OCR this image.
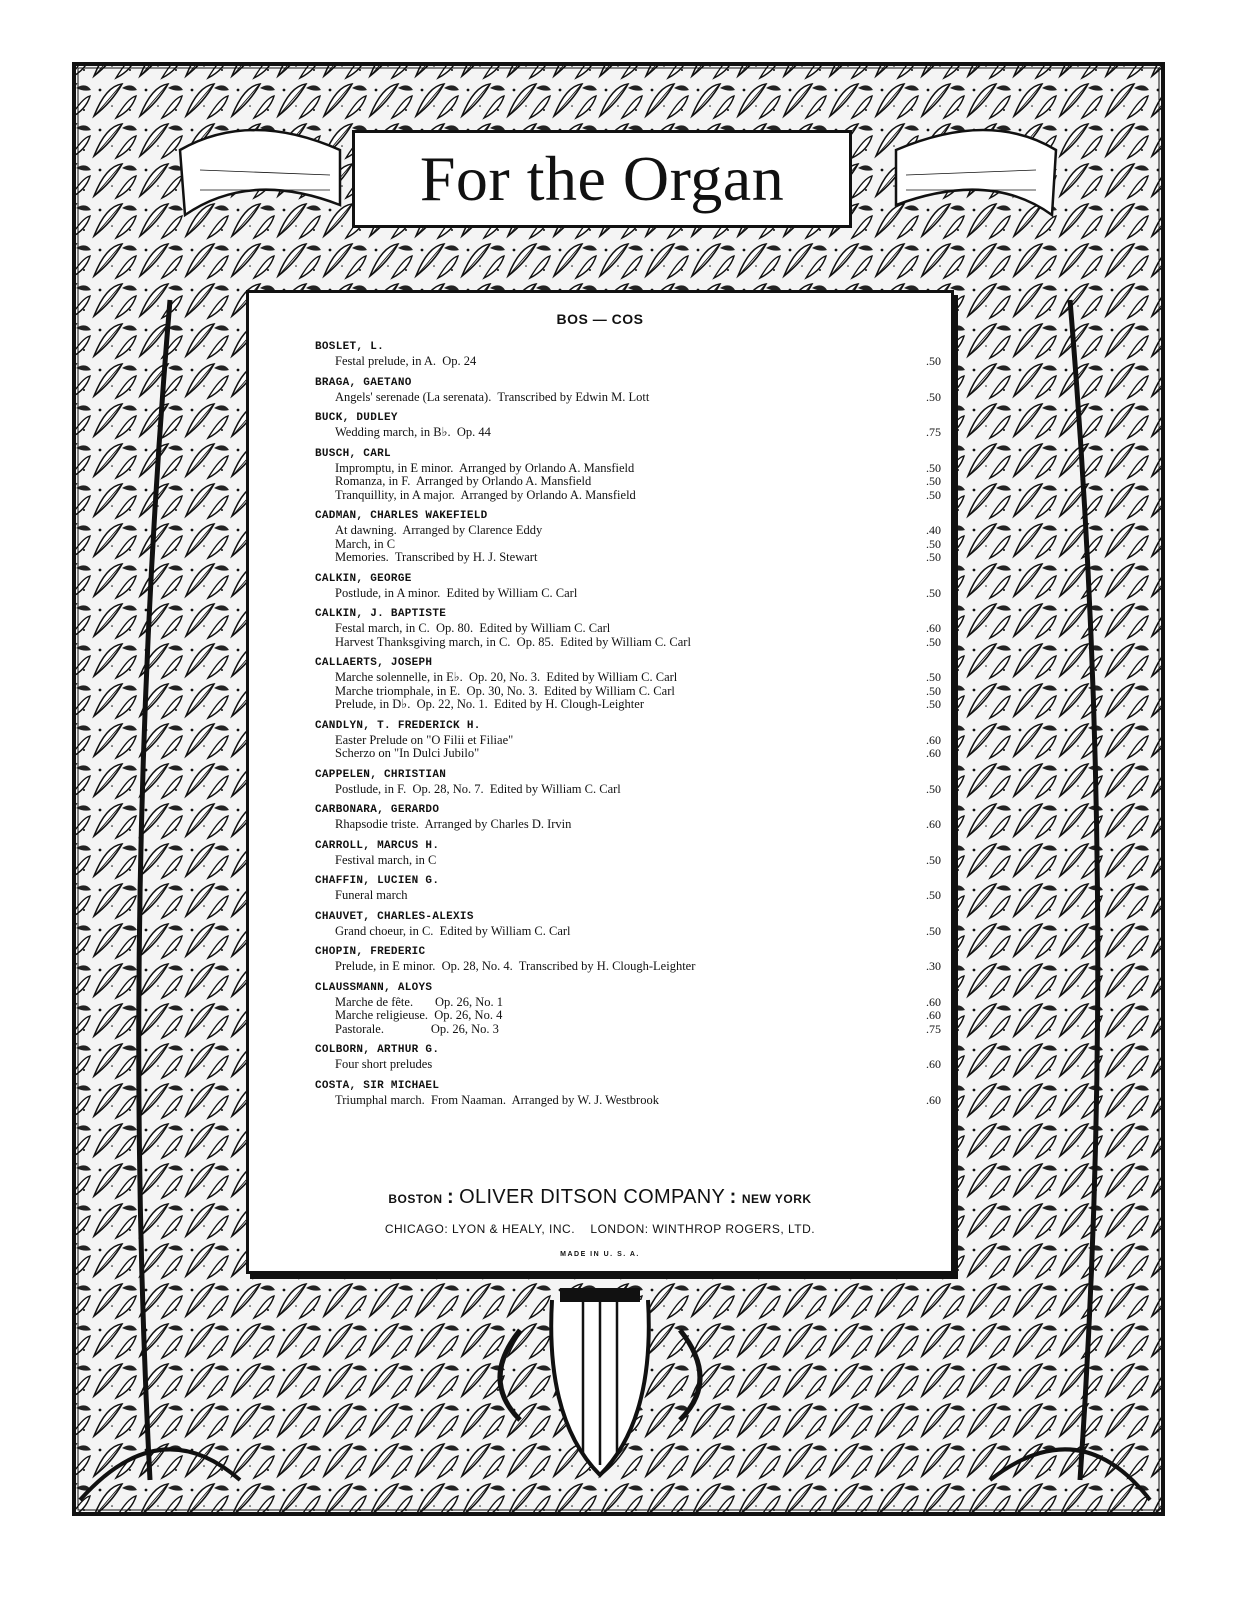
For the Organ
BOS — COS
BOSLET, L.
Festal prelude, in A.  Op. 24	.50
BRAGA, GAETANO
Angels' serenade (La serenata).  Transcribed by Edwin M. Lott	.50
BUCK, DUDLEY
Wedding march, in B♭.  Op. 44	.75
BUSCH, CARL
Impromptu, in E minor.  Arranged by Orlando A. Mansfield	.50
Romanza, in F.  Arranged by Orlando A. Mansfield	.50
Tranquillity, in A major.  Arranged by Orlando A. Mansfield	.50
CADMAN, CHARLES WAKEFIELD
At dawning.  Arranged by Clarence Eddy	.40
March, in C	.50
Memories.  Transcribed by H. J. Stewart	.50
CALKIN, GEORGE
Postlude, in A minor.  Edited by William C. Carl	.50
CALKIN, J. BAPTISTE
Festal march, in C.  Op. 80.  Edited by William C. Carl	.60
Harvest Thanksgiving march, in C.  Op. 85.  Edited by William C. Carl	.50
CALLAERTS, JOSEPH
Marche solennelle, in E♭.  Op. 20, No. 3.  Edited by William C. Carl	.50
Marche triomphale, in E.  Op. 30, No. 3.  Edited by William C. Carl	.50
Prelude, in D♭.  Op. 22, No. 1.  Edited by H. Clough-Leighter	.50
CANDLYN, T. FREDERICK H.
Easter Prelude on "O Filii et Filiae"	.60
Scherzo on "In Dulci Jubilo"	.60
CAPPELEN, CHRISTIAN
Postlude, in F.  Op. 28, No. 7.  Edited by William C. Carl	.50
CARBONARA, GERARDO
Rhapsodie triste.  Arranged by Charles D. Irvin	.60
CARROLL, MARCUS H.
Festival march, in C	.50
CHAFFIN, LUCIEN G.
Funeral march	.50
CHAUVET, CHARLES-ALEXIS
Grand choeur, in C.  Edited by William C. Carl	.50
CHOPIN, FREDERIC
Prelude, in E minor.  Op. 28, No. 4.  Transcribed by H. Clough-Leighter	.30
CLAUSSMANN, ALOYS
Marche de fête.       Op. 26, No. 1	.60
Marche religieuse.  Op. 26, No. 4	.60
Pastorale.               Op. 26, No. 3	.75
COLBORN, ARTHUR G.
Four short preludes	.60
COSTA, SIR MICHAEL
Triumphal march.  From Naaman.  Arranged by W. J. Westbrook	.60
BOSTON : OLIVER DITSON COMPANY : NEW YORK
CHICAGO: LYON & HEALY, INC.    LONDON: WINTHROP ROGERS, LTD.
MADE IN U. S. A.
